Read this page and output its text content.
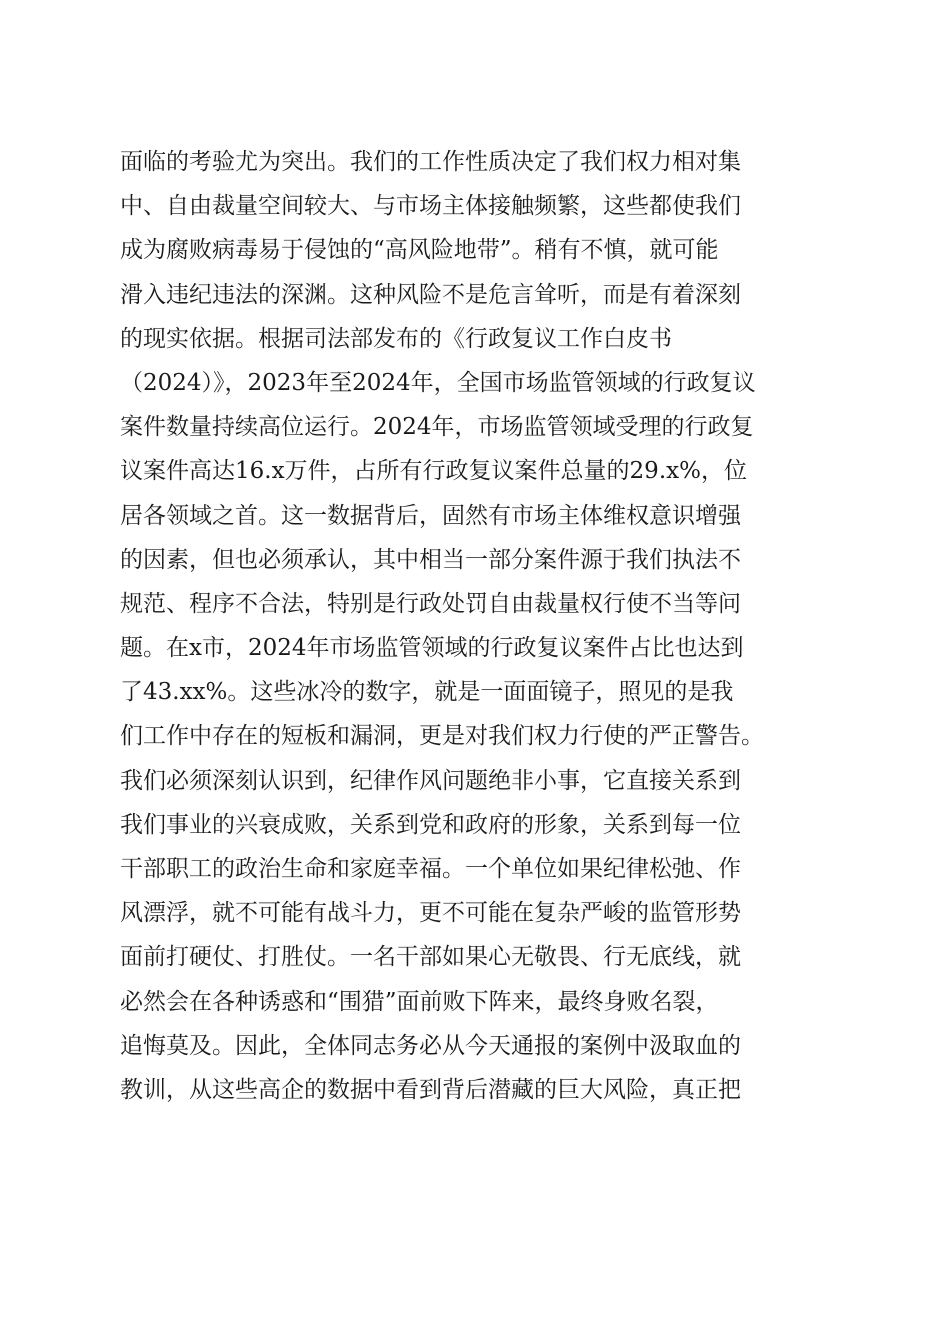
面临的考验尤为突出。我们的工作性质决定了我们权力相对集
中、自由裁量空间较大、与市场主体接触频繁，这些都使我们
成为腐败病毒易于侵蚀的“高风险地带”。稍有不慎，就可能
滑入违纪违法的深渊。这种风险不是危言耸听，而是有着深刻
的现实依据。根据司法部发布的《行政复议工作白皮书
（2024）》，2023年至2024年，全国市场监管领域的行政复议
案件数量持续高位运行。2024年，市场监管领域受理的行政复
议案件高达16.x万件，占所有行政复议案件总量的29.x%，位
居各领域之首。这一数据背后，固然有市场主体维权意识增强
的因素，但也必须承认，其中相当一部分案件源于我们执法不
规范、程序不合法，特别是行政处罚自由裁量权行使不当等问
题。在x市，2024年市场监管领域的行政复议案件占比也达到
了43.xx%。这些冰冷的数字，就是一面面镜子，照见的是我
们工作中存在的短板和漏洞，更是对我们权力行使的严正警告。
我们必须深刻认识到，纪律作风问题绝非小事，它直接关系到
我们事业的兴衰成败，关系到党和政府的形象，关系到每一位
干部职工的政治生命和家庭幸福。一个单位如果纪律松弛、作
风漂浮，就不可能有战斗力，更不可能在复杂严峻的监管形势
面前打硬仗、打胜仗。一名干部如果心无敬畏、行无底线，就
必然会在各种诱惑和“围猎”面前败下阵来，最终身败名裂，
追悔莫及。因此，全体同志务必从今天通报的案例中汲取血的
教训，从这些高企的数据中看到背后潜藏的巨大风险，真正把
